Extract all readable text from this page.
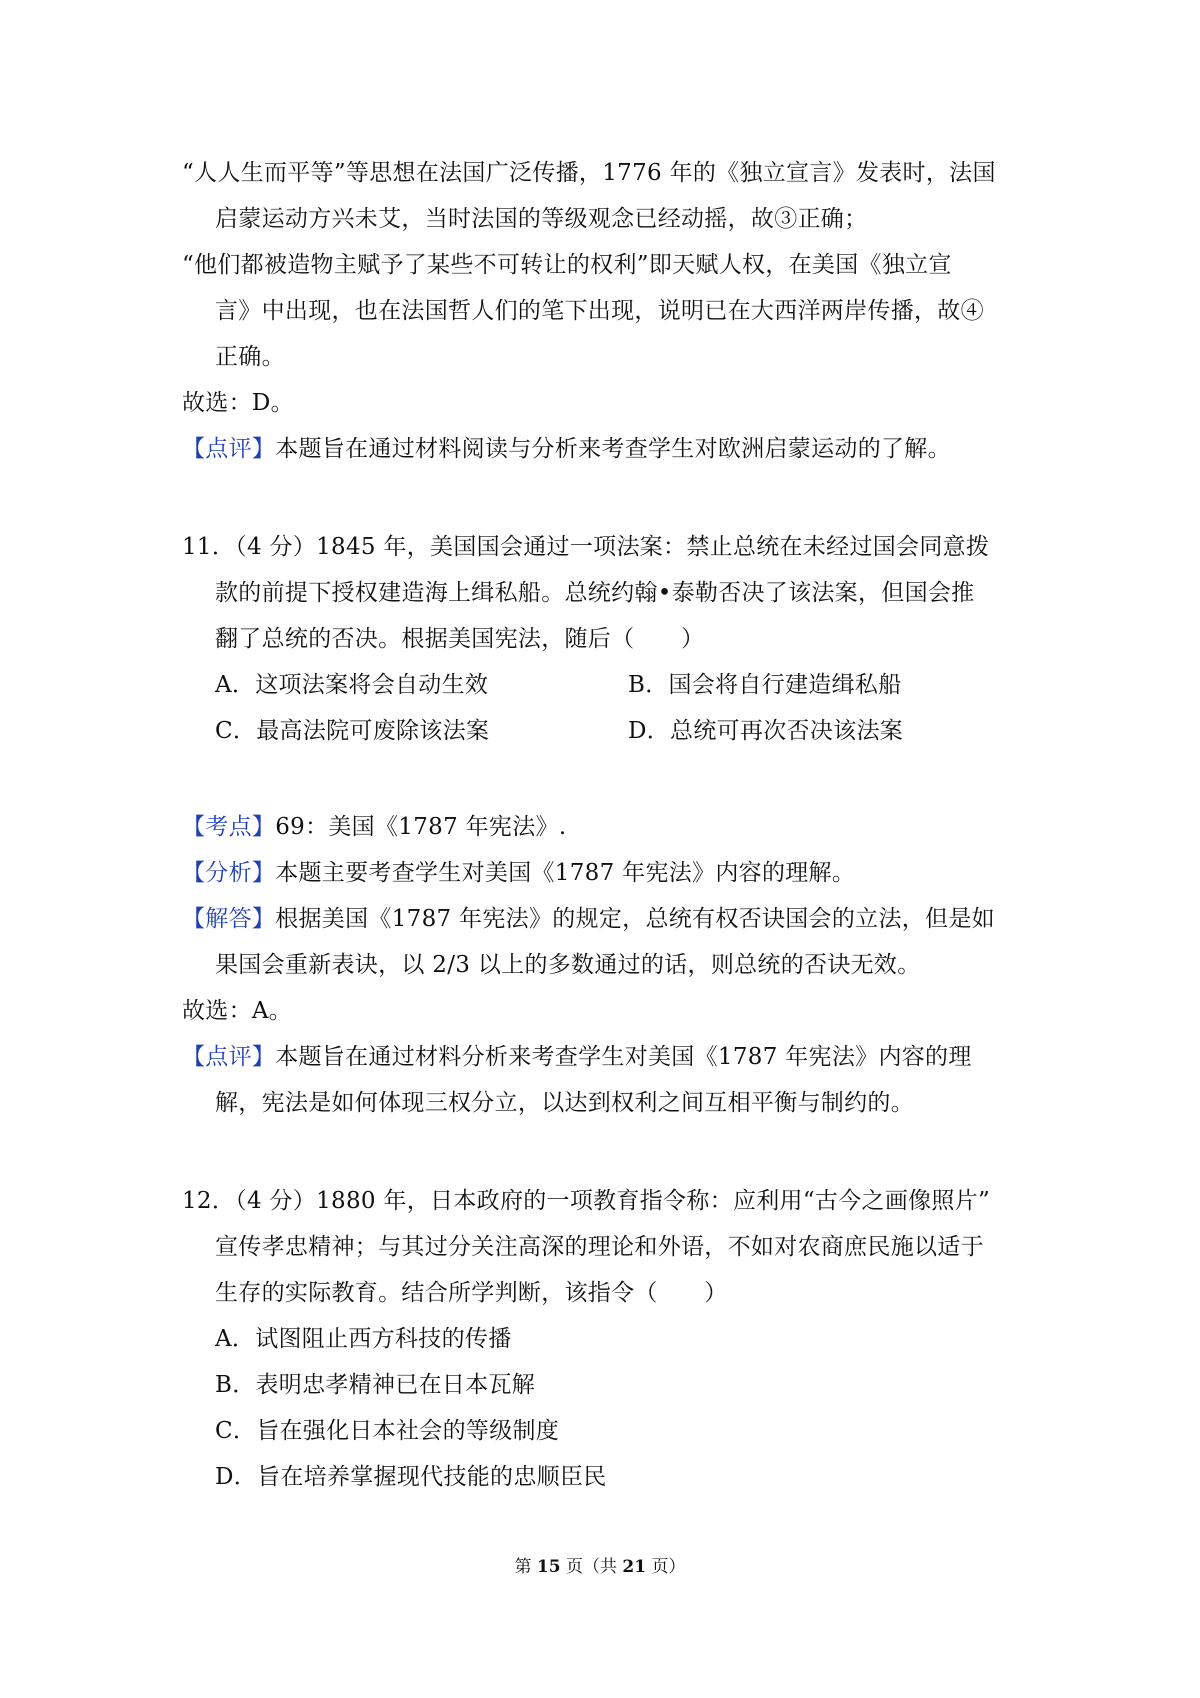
“人人生而平等”等思想在法国广泛传播，1776 年的《独立宣言》发表时，法国
启蒙运动方兴未艾，当时法国的等级观念已经动摇，故③正确；
“他们都被造物主赋予了某些不可转让的权利”即天赋人权，在美国《独立宣
言》中出现，也在法国哲人们的笔下出现，说明已在大西洋两岸传播，故④
正确。
故选：D。
【点评】本题旨在通过材料阅读与分析来考查学生对欧洲启蒙运动的了解。
11．（4 分）1845 年，美国国会通过一项法案：禁止总统在未经过国会同意拨
款的前提下授权建造海上缉私船。总统约翰•泰勒否决了该法案，但国会推
翻了总统的否决。根据美国宪法，随后（　　）
A．这项法案将会自动生效	B．国会将自行建造缉私船
C．最高法院可废除该法案	D．总统可再次否决该法案
【考点】69：美国《1787 年宪法》.
【分析】本题主要考查学生对美国《1787 年宪法》内容的理解。
【解答】根据美国《1787 年宪法》的规定，总统有权否诀国会的立法，但是如
果国会重新表诀，以 2/3 以上的多数通过的话，则总统的否诀无效。
故选：A。
【点评】本题旨在通过材料分析来考查学生对美国《1787 年宪法》内容的理
解，宪法是如何体现三权分立，以达到权利之间互相平衡与制约的。
12．（4 分）1880 年，日本政府的一项教育指令称：应利用“古今之画像照片”
宣传孝忠精神；与其过分关注高深的理论和外语，不如对农商庶民施以适于
生存的实际教育。结合所学判断，该指令（　　）
A．试图阻止西方科技的传播
B．表明忠孝精神已在日本瓦解
C．旨在强化日本社会的等级制度
D．旨在培养掌握现代技能的忠顺臣民
第 15 页（共 21 页）
